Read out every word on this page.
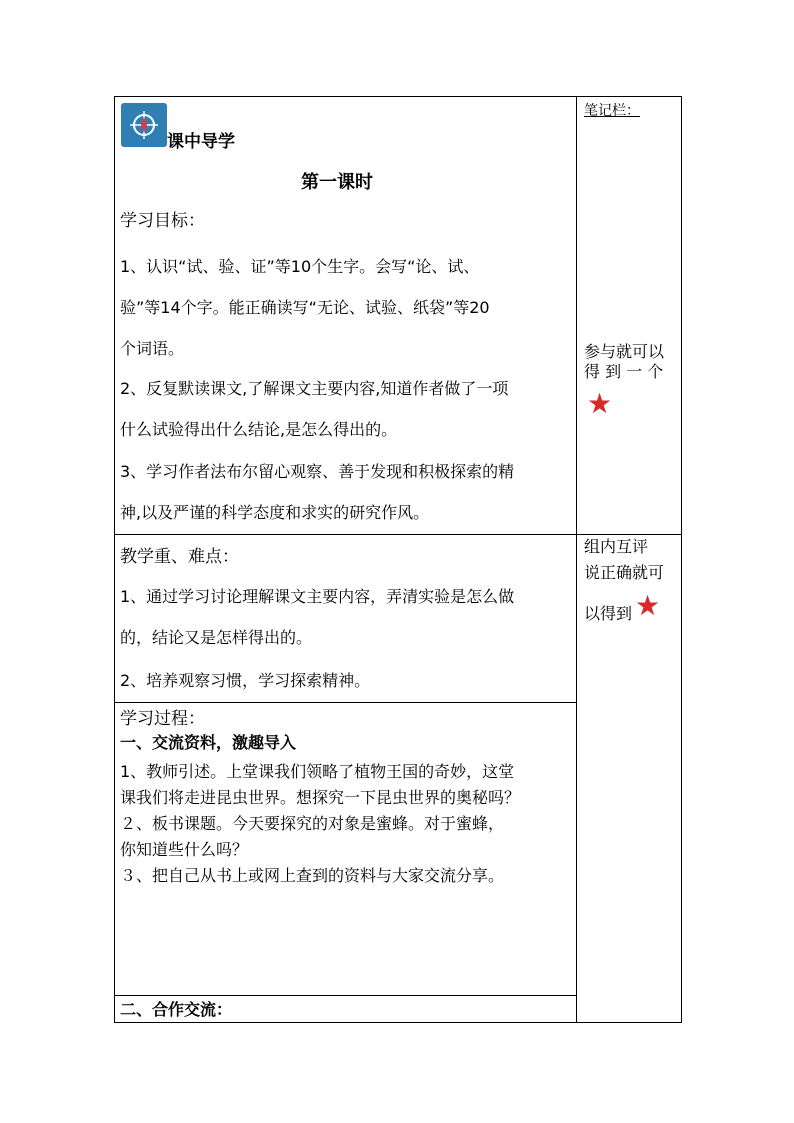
课中导学
第一课时
学习目标：
1、认识“试、验、证”等10个生字。会写“论、试、
验”等14个字。能正确读写“无论、试验、纸袋”等20
个词语。
2、反复默读课文,了解课文主要内容,知道作者做了一项
什么试验得出什么结论,是怎么得出的。
3、学习作者法布尔留心观察、善于发现和积极探索的精
神,以及严谨的科学态度和求实的研究作风。
笔记栏：
参与就可以
得 到 一 个
★
组内互评
说正确就可
以得到 ★
教学重、难点：
1、通过学习讨论理解课文主要内容，弄清实验是怎么做
的，结论又是怎样得出的。
2、培养观察习惯，学习探索精神。
学习过程：
一、交流资料，激趣导入
1、教师引述。上堂课我们领略了植物王国的奇妙，这堂
课我们将走进昆虫世界。想探究一下昆虫世界的奥秘吗？
２、板书课题。今天要探究的对象是蜜蜂。对于蜜蜂，
你知道些什么吗？
３、把自己从书上或网上查到的资料与大家交流分享。
二、合作交流：
